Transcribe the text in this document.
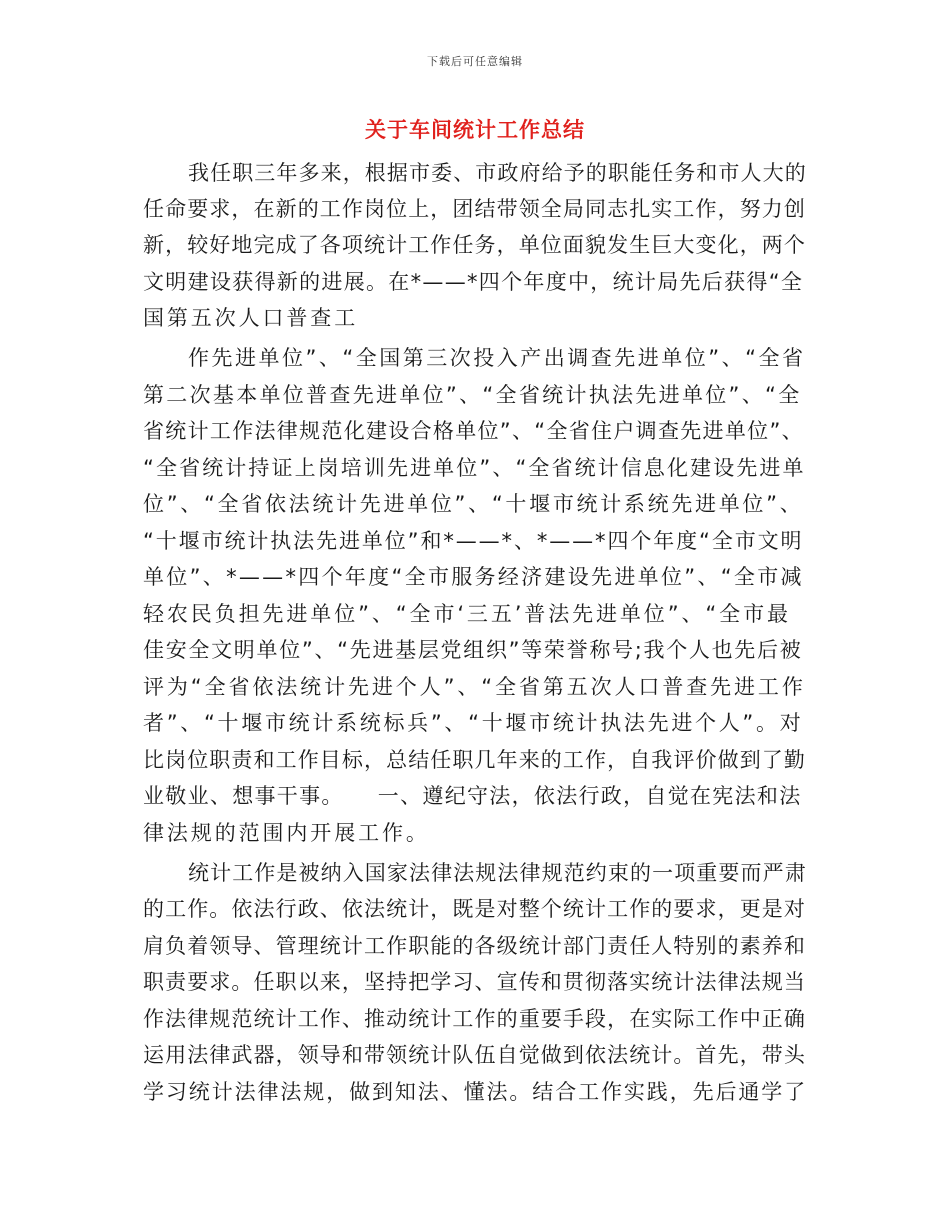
下载后可任意编辑
关于车间统计工作总结
我任职三年多来，根据市委、市政府给予的职能任务和市人大的
任命要求，在新的工作岗位上，团结带领全局同志扎实工作，努力创
新，较好地完成了各项统计工作任务，单位面貌发生巨大变化，两个
文明建设获得新的进展。在*——*四个年度中，统计局先后获得“全
国第五次人口普查工
作先进单位”、“全国第三次投入产出调查先进单位”、“全省
第二次基本单位普查先进单位”、“全省统计执法先进单位”、“全
省统计工作法律规范化建设合格单位”、“全省住户调查先进单位”、
“全省统计持证上岗培训先进单位”、“全省统计信息化建设先进单
位”、“全省依法统计先进单位”、“十堰市统计系统先进单位”、
“十堰市统计执法先进单位”和*——*、*——*四个年度“全市文明
单位”、*——*四个年度“全市服务经济建设先进单位”、“全市减
轻农民负担先进单位”、“全市‘三五’普法先进单位”、“全市最
佳安全文明单位”、“先进基层党组织”等荣誉称号;我个人也先后被
评为“全省依法统计先进个人”、“全省第五次人口普查先进工作
者”、“十堰市统计系统标兵”、“十堰市统计执法先进个人”。对
比岗位职责和工作目标，总结任职几年来的工作，自我评价做到了勤
业敬业、想事干事。　　一、遵纪守法，依法行政，自觉在宪法和法
律法规的范围内开展工作。
统计工作是被纳入国家法律法规法律规范约束的一项重要而严肃
的工作。依法行政、依法统计，既是对整个统计工作的要求，更是对
肩负着领导、管理统计工作职能的各级统计部门责任人特别的素养和
职责要求。任职以来，坚持把学习、宣传和贯彻落实统计法律法规当
作法律规范统计工作、推动统计工作的重要手段，在实际工作中正确
运用法律武器，领导和带领统计队伍自觉做到依法统计。首先，带头
学习统计法律法规，做到知法、懂法。结合工作实践，先后通学了
